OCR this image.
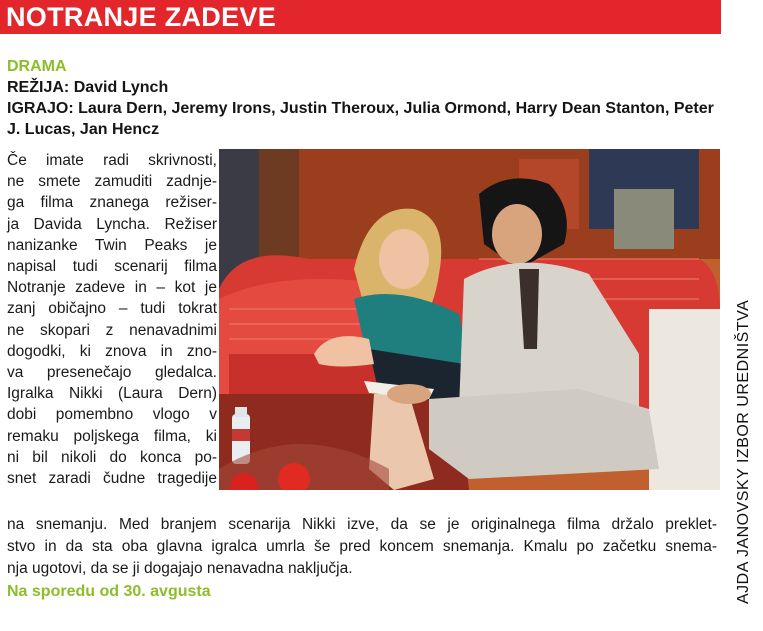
NOTRANJE ZADEVE
DRAMA
REŽIJA: David Lynch
IGRAJO: Laura Dern, Jeremy Irons, Justin Theroux, Julia Ormond, Harry Dean Stanton, Peter J. Lucas, Jan Hencz
Če imate radi skrivnosti,
ne smete zamuditi zadnje-
ga filma znanega režiser-
ja Davida Lyncha. Režiser
nanizanke Twin Peaks je
napisal tudi scenarij filma
Notranje zadeve in – kot je
zanj običajno – tudi tokrat
ne skopari z nenavadnimi
dogodki, ki znova in zno-
va presenečajo gledalca.
Igralka Nikki (Laura Dern)
dobi pomembno vlogo v
remaku poljskega filma, ki
ni bil nikoli do konca po-
snet zaradi čudne tragedije
na snemanju. Med branjem scenarija Nikki izve, da se je originalnega filma držalo preklet-
stvo in da sta oba glavna igralca umrla še pred koncem snemanja. Kmalu po začetku snema-
nja ugotovi, da se ji dogajajo nenavadna naključja.
Na sporedu od 30. avgusta	AJDA JANOVSKY IZBOR UREDNIŠTVA
